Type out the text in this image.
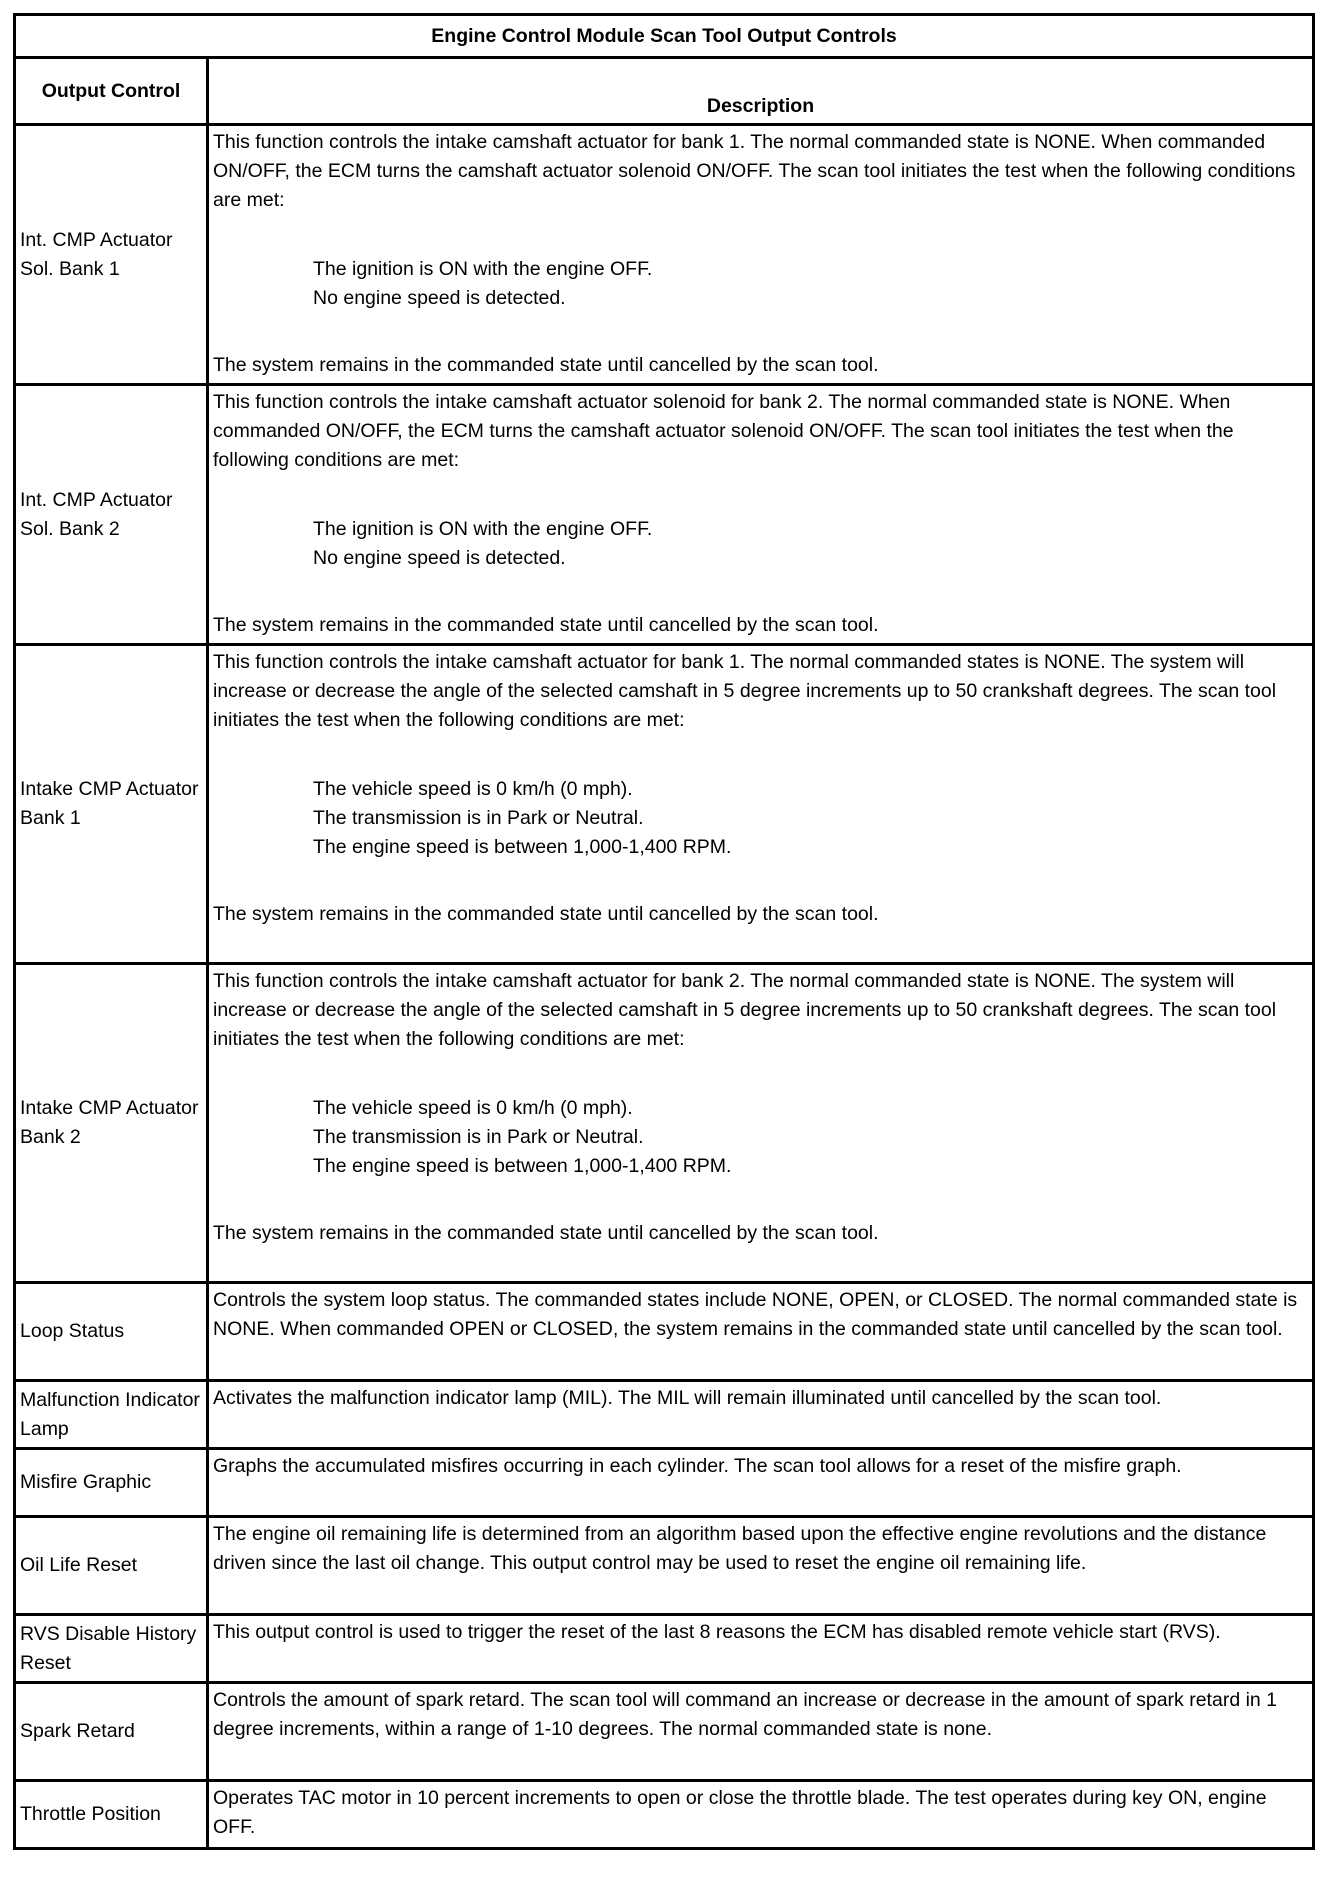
Engine Control Module Scan Tool Output Controls	
Output Control	Description
Int. CMP Actuator Sol. Bank 1	This function controls the intake camshaft actuator for bank 1. The normal commanded state is NONE. When commanded ON/OFF, the ECM turns the camshaft actuator solenoid ON/OFF. The scan tool initiates the test when the following conditions are met:

The ignition is ON with the engine OFF.

No engine speed is detected.

The system remains in the commanded state until cancelled by the scan tool.

Int. CMP Actuator Sol. Bank 2	This function controls the intake camshaft actuator solenoid for bank 2. The normal commanded state is NONE. When commanded ON/OFF, the ECM turns the camshaft actuator solenoid ON/OFF. The scan tool initiates the test when the following conditions are met:

The ignition is ON with the engine OFF.

No engine speed is detected.

The system remains in the commanded state until cancelled by the scan tool.

Intake CMP Actuator Bank 1	This function controls the intake camshaft actuator for bank 1. The normal commanded states is NONE. The system will increase or decrease the angle of the selected camshaft in 5 degree increments up to 50 crankshaft degrees. The scan tool initiates the test when the following conditions are met:

The vehicle speed is 0 km/h (0 mph).

The transmission is in Park or Neutral.

The engine speed is between 1,000-1,400 RPM.

The system remains in the commanded state until cancelled by the scan tool.

Intake CMP Actuator Bank 2	This function controls the intake camshaft actuator for bank 2. The normal commanded state is NONE. The system will increase or decrease the angle of the selected camshaft in 5 degree increments up to 50 crankshaft degrees. The scan tool initiates the test when the following conditions are met:

The vehicle speed is 0 km/h (0 mph).

The transmission is in Park or Neutral.

The engine speed is between 1,000-1,400 RPM.

The system remains in the commanded state until cancelled by the scan tool.

Loop Status	Controls the system loop status. The commanded states include NONE, OPEN, or CLOSED. The normal commanded state is NONE. When commanded OPEN or CLOSED, the system remains in the commanded state until cancelled by the scan tool.

Malfunction Indicator Lamp	Activates the malfunction indicator lamp (MIL). The MIL will remain illuminated until cancelled by the scan tool.

Misfire Graphic	Graphs the accumulated misfires occurring in each cylinder. The scan tool allows for a reset of the misfire graph.

Oil Life Reset	The engine oil remaining life is determined from an algorithm based upon the effective engine revolutions and the distance driven since the last oil change. This output control may be used to reset the engine oil remaining life.

RVS Disable History Reset	This output control is used to trigger the reset of the last 8 reasons the ECM has disabled remote vehicle start (RVS).

Spark Retard	Controls the amount of spark retard. The scan tool will command an increase or decrease in the amount of spark retard in 1 degree increments, within a range of 1-10 degrees. The normal commanded state is none.

Throttle Position	Operates TAC motor in 10 percent increments to open or close the throttle blade. The test operates during key ON, engine OFF.
